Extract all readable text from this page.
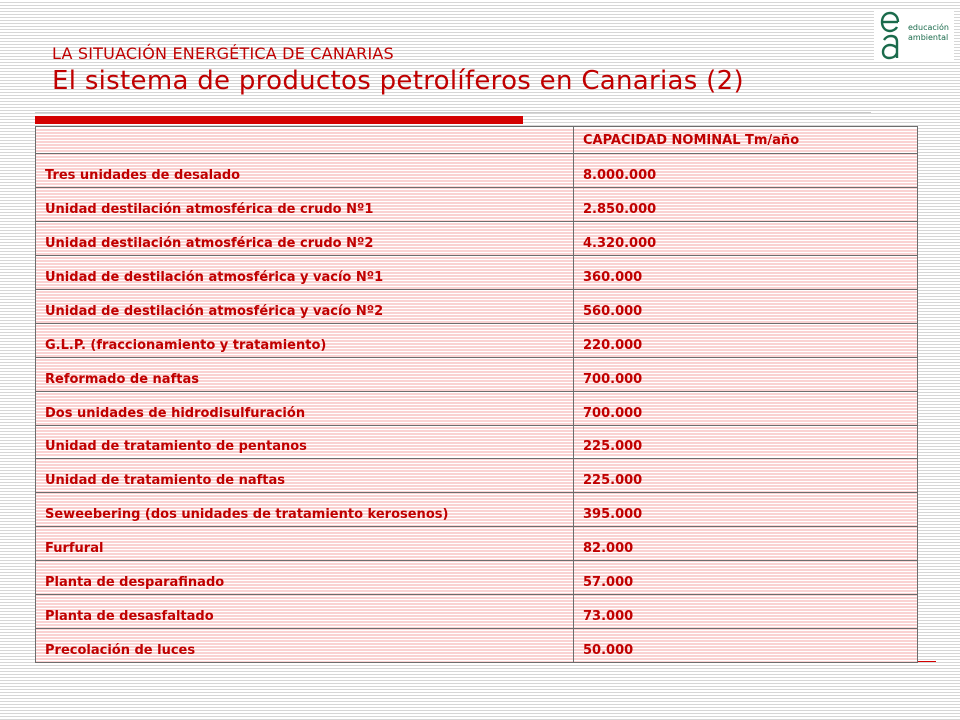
LA SITUACIÓN ENERGÉTICA DE CANARIAS
El sistema de productos petrolíferos en Canarias (2)
educación
ambiental
	CAPACIDAD NOMINAL Tm/año
Tres unidades de desalado	8.000.000
Unidad destilación atmosférica de crudo Nº1	2.850.000
Unidad destilación atmosférica de crudo Nº2	4.320.000
Unidad de destilación atmosférica y vacío Nº1	360.000
Unidad de destilación atmosférica y vacío Nº2	560.000
G.L.P. (fraccionamiento y tratamiento)	220.000
Reformado de naftas	700.000
Dos unidades de hidrodisulfuración	700.000
Unidad de tratamiento de pentanos	225.000
Unidad de tratamiento de naftas	225.000
Seweebering (dos unidades de tratamiento kerosenos)	395.000
Furfural	82.000
Planta de desparafinado	57.000
Planta de desasfaltado	73.000
Precolación de luces	50.000
